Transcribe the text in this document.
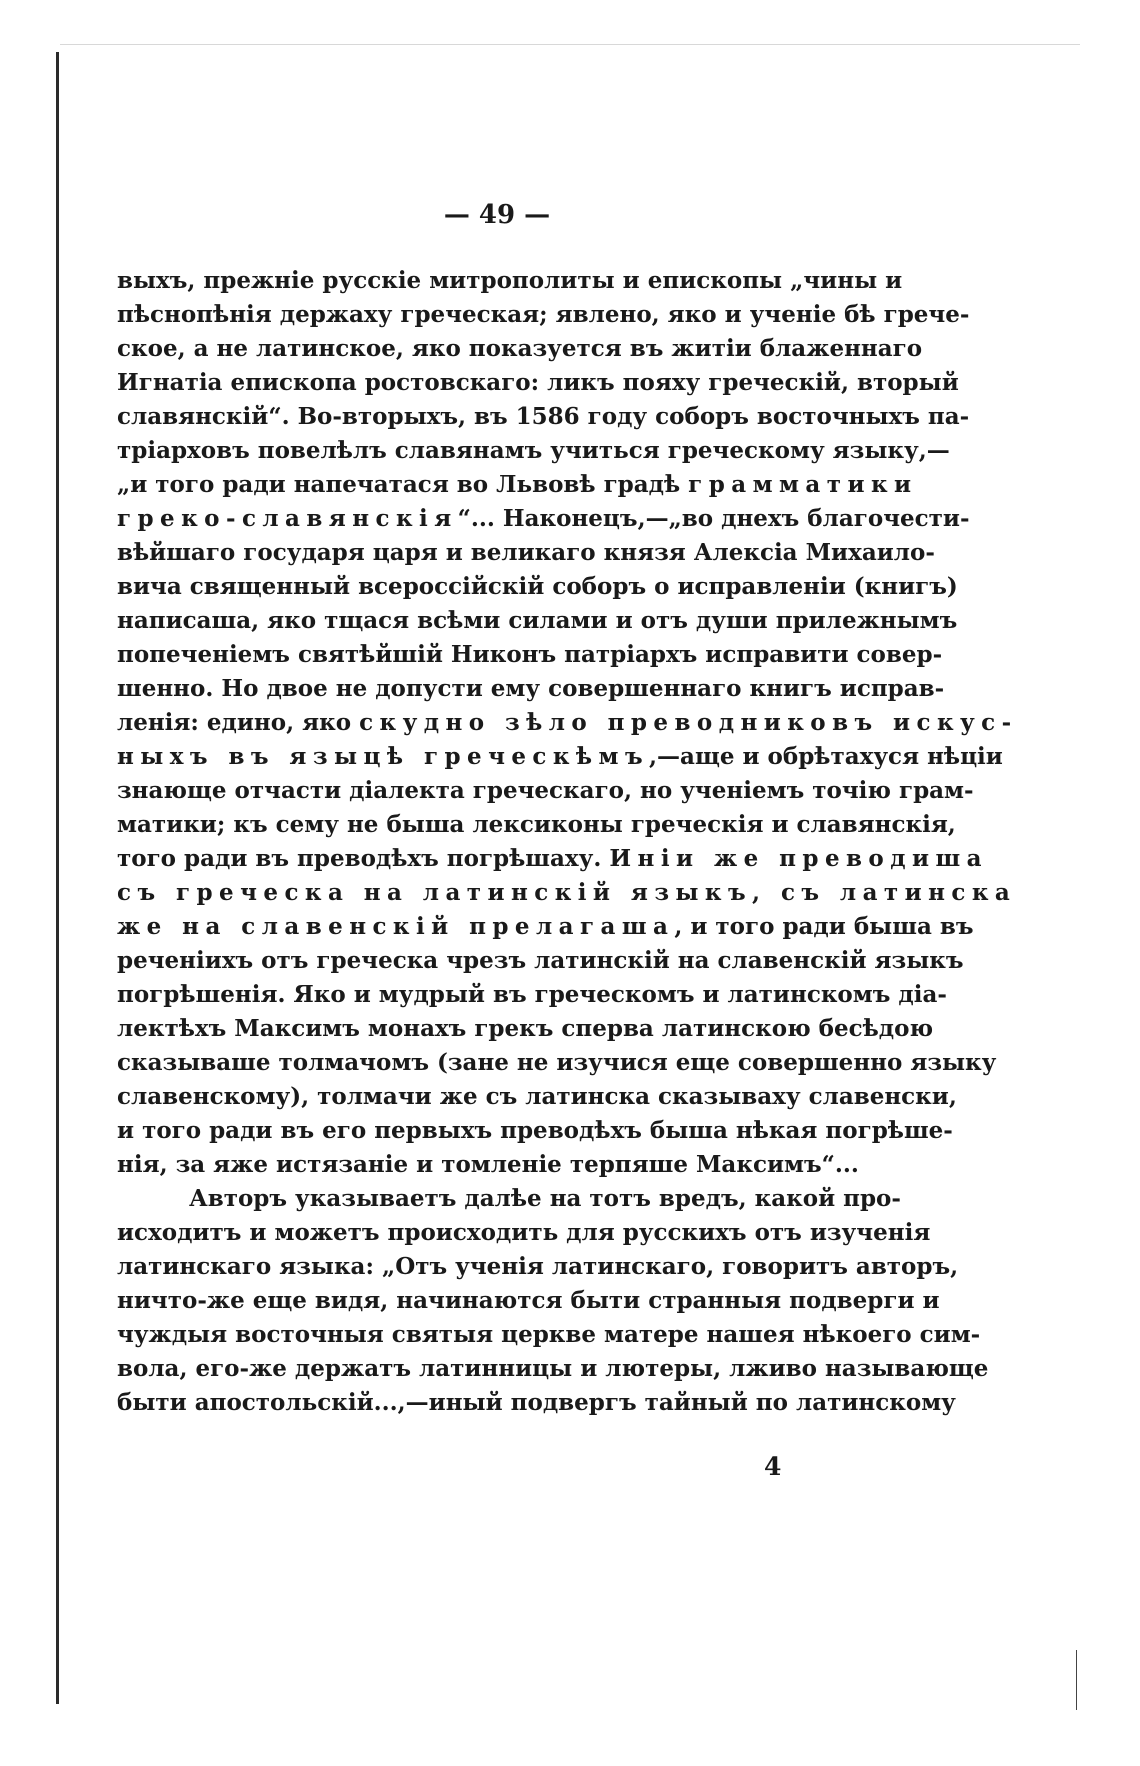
— 49 —
выхъ, прежніе русскіе митрополиты и епископы „чины и
пѣснопѣнія держаху греческая; явлено, яко и ученіе бѣ грече-
ское, а не латинское, яко показуется въ житіи блаженнаго
Игнатіа епископа ростовскаго: ликъ пояху греческій, вторый
славянскій“. Во-вторыхъ, въ 1586 году соборъ восточныхъ па-
тріарховъ повелѣлъ славянамъ учиться греческому языку,—
„и того ради напечатася во Львовѣ градѣ грамматики
греко-славянскія“... Наконецъ,—„во днехъ благочести-
вѣйшаго государя царя и великаго князя Алексіа Михаило-
вича священный всероссійскій соборъ о исправленіи (книгъ)
написаша, яко тщася всѣми силами и отъ души прилежнымъ
попеченіемъ святѣйшій Никонъ патріархъ исправити совер-
шенно. Но двое не допусти ему совершеннаго книгъ исправ-
ленія: едино, яко скудно зѣло преводниковъ искус-
ныхъ въ языцѣ греческѣмъ,—аще и обрѣтахуся нѣціи
знающе отчасти діалекта греческаго, но ученіемъ точію грам-
матики; къ сему не быша лексиконы греческія и славянскія,
того ради въ преводѣхъ погрѣшаху. Иніи же преводиша
съ греческа на латинскій языкъ, съ латинска
же на славенскій прелагаша, и того ради быша въ
реченіихъ отъ греческа чрезъ латинскій на славенскій языкъ
погрѣшенія. Яко и мудрый въ греческомъ и латинскомъ діа-
лектѣхъ Максимъ монахъ грекъ сперва латинскою бесѣдою
сказываше толмачомъ (зане не изучися еще совершенно языку
славенскому), толмачи же съ латинска сказываху славенски,
и того ради въ его первыхъ преводѣхъ быша нѣкая погрѣше-
нія, за яже истязаніе и томленіе терпяше Максимъ“...
Авторъ указываетъ далѣе на тотъ вредъ, какой про-
исходитъ и можетъ происходить для русскихъ отъ изученія
латинскаго языка: „Отъ ученія латинскаго, говоритъ авторъ,
ничто-же еще видя, начинаются быти странныя подверги и
чуждыя восточныя святыя церкве матере нашея нѣкоего сим-
вола, его-же держатъ латинницы и лютеры, лживо называюще
быти апостольскій...,—иный подвергъ тайный по латинскому
4
